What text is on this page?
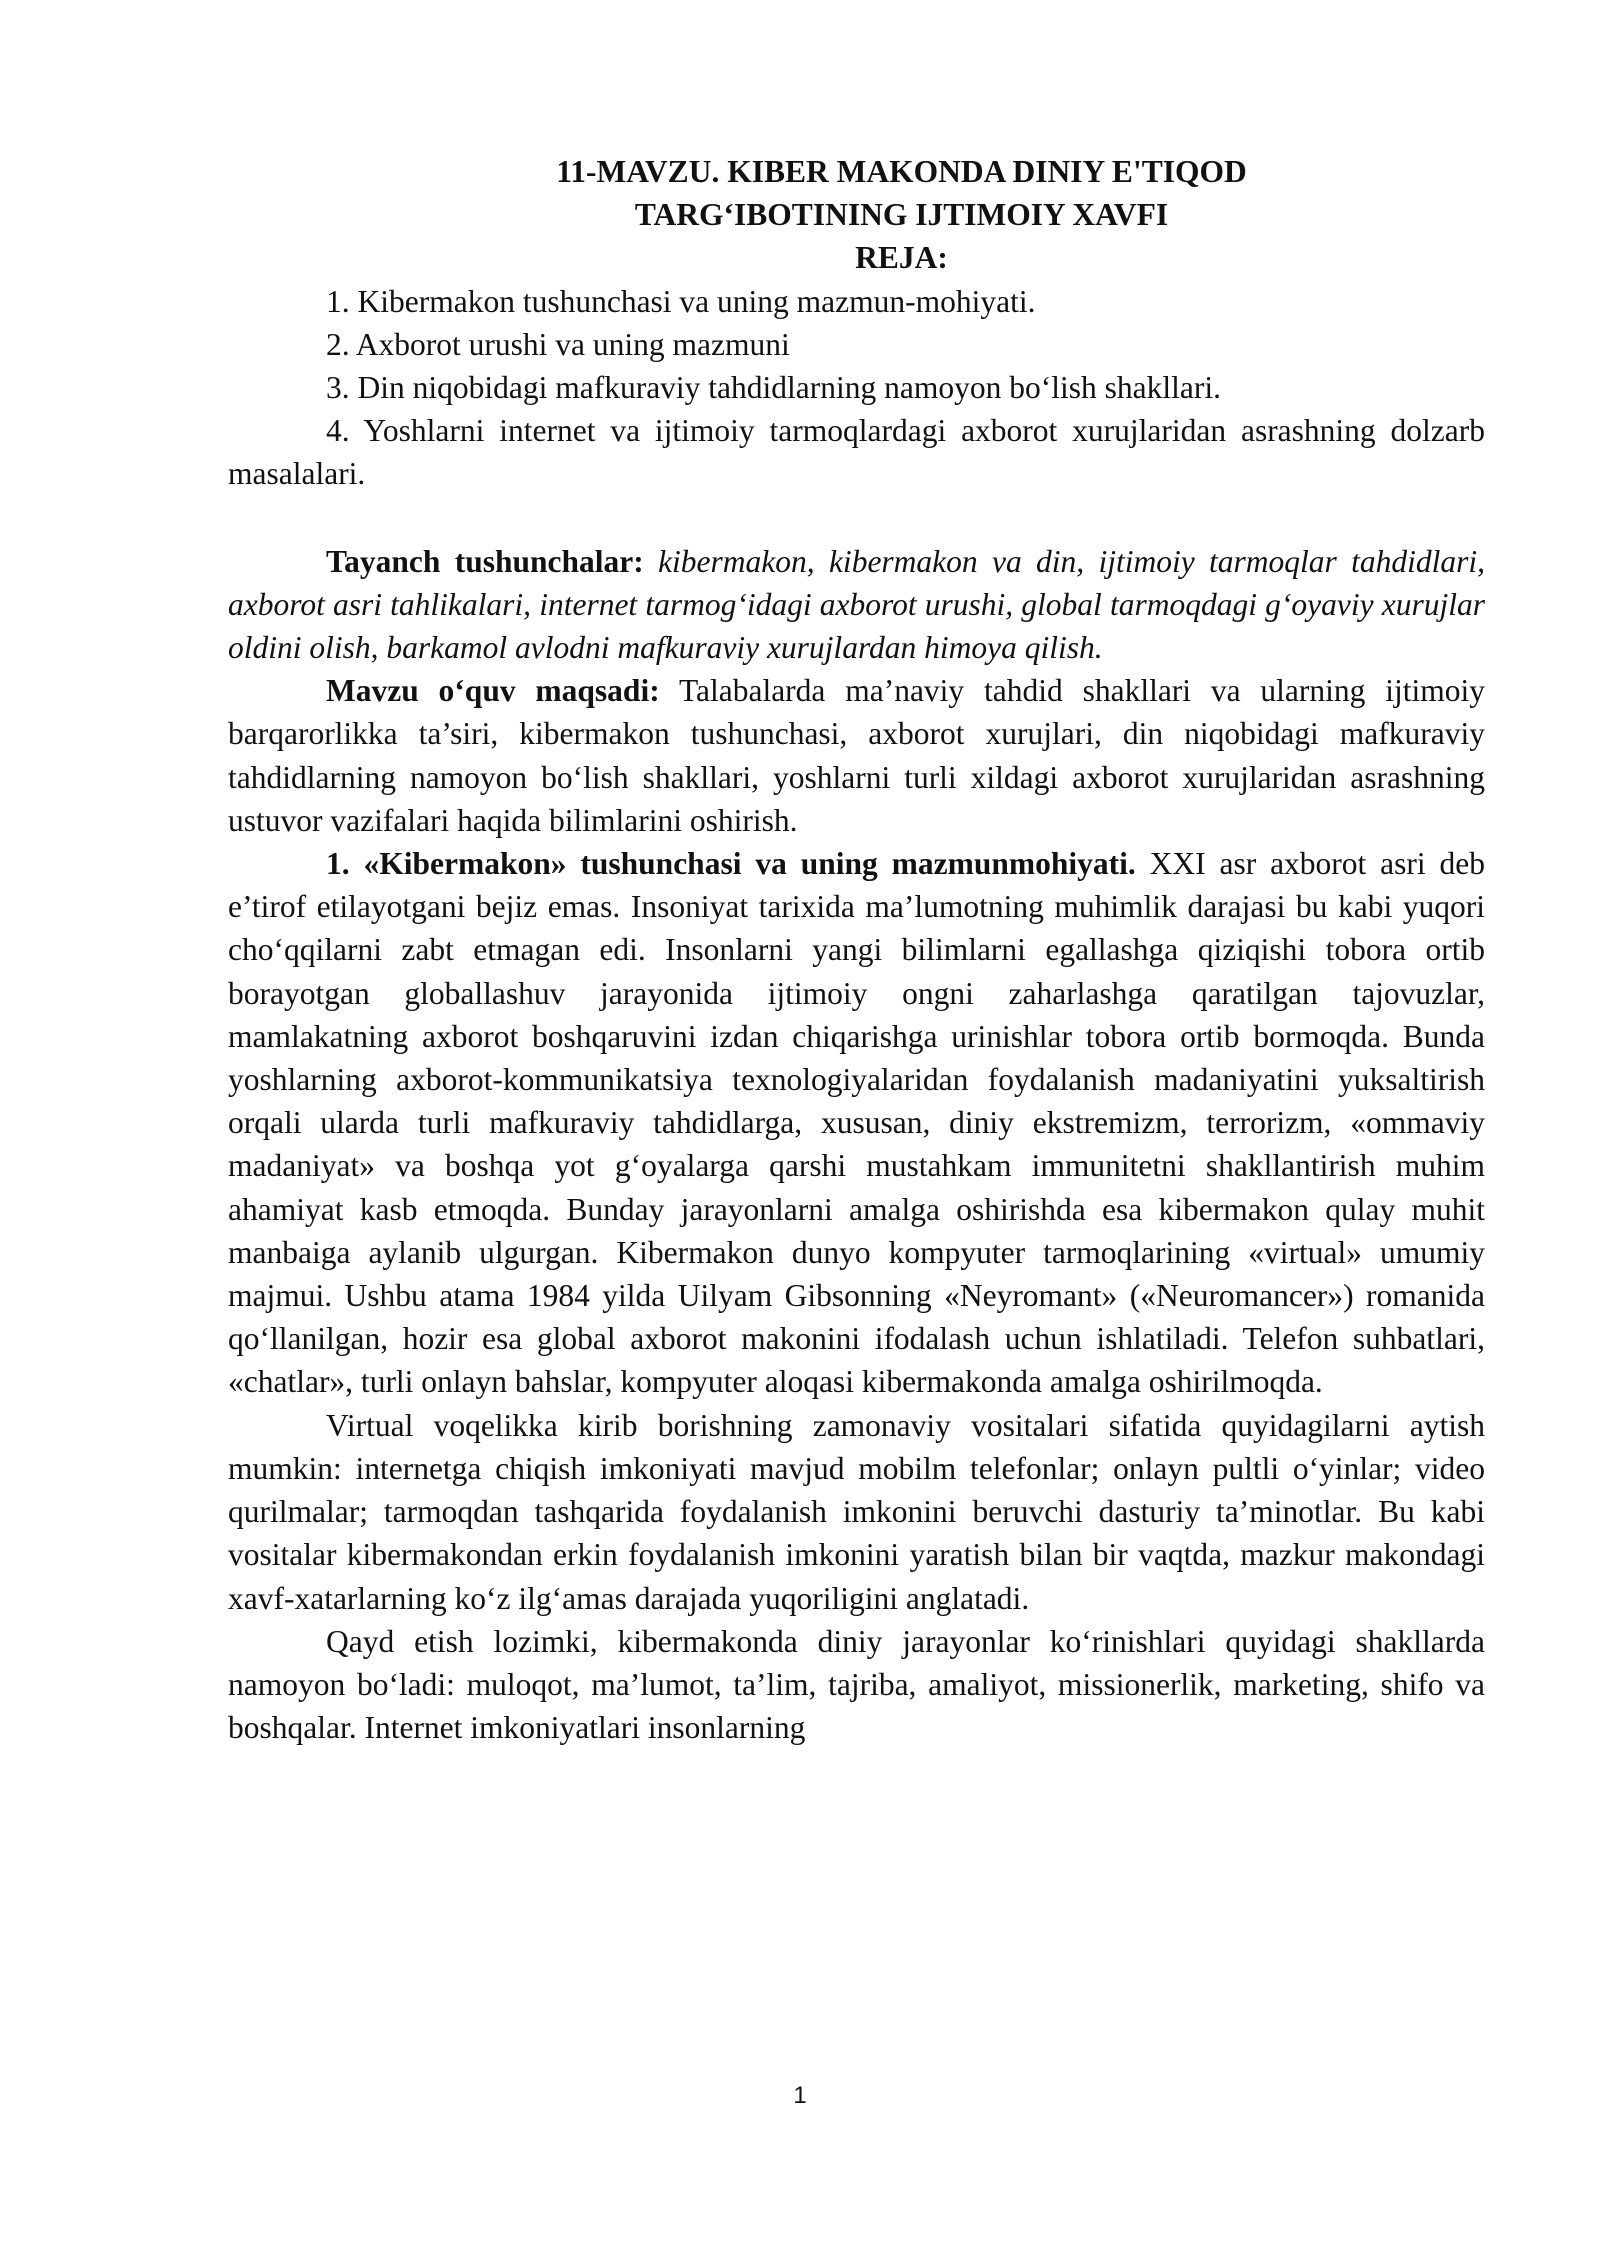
11-MAVZU. KIBER MAKONDA DINIY E'TIQOD
TARG‘IBOTINING IJTIMOIY XAVFI
REJA:
1. Kibermakon tushunchasi va uning mazmun-mohiyati.
2. Axborot urushi va uning mazmuni
3. Din niqobidagi mafkuraviy tahdidlarning namoyon bo‘lish shakllari.
4. Yoshlarni internet va ijtimoiy tarmoqlardagi axborot xurujlaridan asrashning dolzarb masalalari.

Tayanch tushunchalar: kibermakon, kibermakon va din, ijtimoiy tarmoqlar tahdidlari, axborot asri tahlikalari, internet tarmog‘idagi axborot urushi, global tarmoqdagi g‘oyaviy xurujlar oldini olish, barkamol avlodni mafkuraviy xurujlardan himoya qilish.

Mavzu o‘quv maqsadi: Talabalarda ma’naviy tahdid shakllari va ularning ijtimoiy barqarorlikka ta’siri, kibermakon tushunchasi, axborot xurujlari, din niqobidagi mafkuraviy tahdidlarning namoyon bo‘lish shakllari, yoshlarni turli xildagi axborot xurujlaridan asrashning ustuvor vazifalari haqida bilimlarini oshirish.

1. «Kibermakon» tushunchasi va uning mazmunmohiyati. XXI asr axborot asri deb e’tirof etilayotgani bejiz emas. Insoniyat tarixida ma’lumotning muhimlik darajasi bu kabi yuqori cho‘qqilarni zabt etmagan edi. Insonlarni yangi bilimlarni egallashga qiziqishi tobora ortib borayotgan globallashuv jarayonida ijtimoiy ongni zaharlashga qaratilgan tajovuzlar, mamlakatning axborot boshqaruvini izdan chiqarishga urinishlar tobora ortib bormoqda. Bunda yoshlarning axborot-kommunikatsiya texnologiyalaridan foydalanish madaniyatini yuksaltirish orqali ularda turli mafkuraviy tahdidlarga, xususan, diniy ekstremizm, terrorizm, «ommaviy madaniyat» va boshqa yot g‘oyalarga qarshi mustahkam immunitetni shakllantirish muhim ahamiyat kasb etmoqda. Bunday jarayonlarni amalga oshirishda esa kibermakon qulay muhit manbaiga aylanib ulgurgan. Kibermakon dunyo kompyuter tarmoqlarining «virtual» umumiy majmui. Ushbu atama 1984 yilda Uilyam Gibsonning «Neyromant» («Neuromancer») romanida qo‘llanilgan, hozir esa global axborot makonini ifodalash uchun ishlatiladi. Telefon suhbatlari, «chatlar», turli onlayn bahslar, kompyuter aloqasi kibermakonda amalga oshirilmoqda.

Virtual voqelikka kirib borishning zamonaviy vositalari sifatida quyidagilarni aytish mumkin: internetga chiqish imkoniyati mavjud mobilm telefonlar; onlayn pultli o‘yinlar; video qurilmalar; tarmoqdan tashqarida foydalanish imkonini beruvchi dasturiy ta’minotlar. Bu kabi vositalar kibermakondan erkin foydalanish imkonini yaratish bilan bir vaqtda, mazkur makondagi xavf-xatarlarning ko‘z ilg‘amas darajada yuqoriligini anglatadi.

Qayd etish lozimki, kibermakonda diniy jarayonlar ko‘rinishlari quyidagi shakllarda namoyon bo‘ladi: muloqot, ma’lumot, ta’lim, tajriba, amaliyot, missionerlik, marketing, shifo va boshqalar. Internet imkoniyatlari insonlarning

1
